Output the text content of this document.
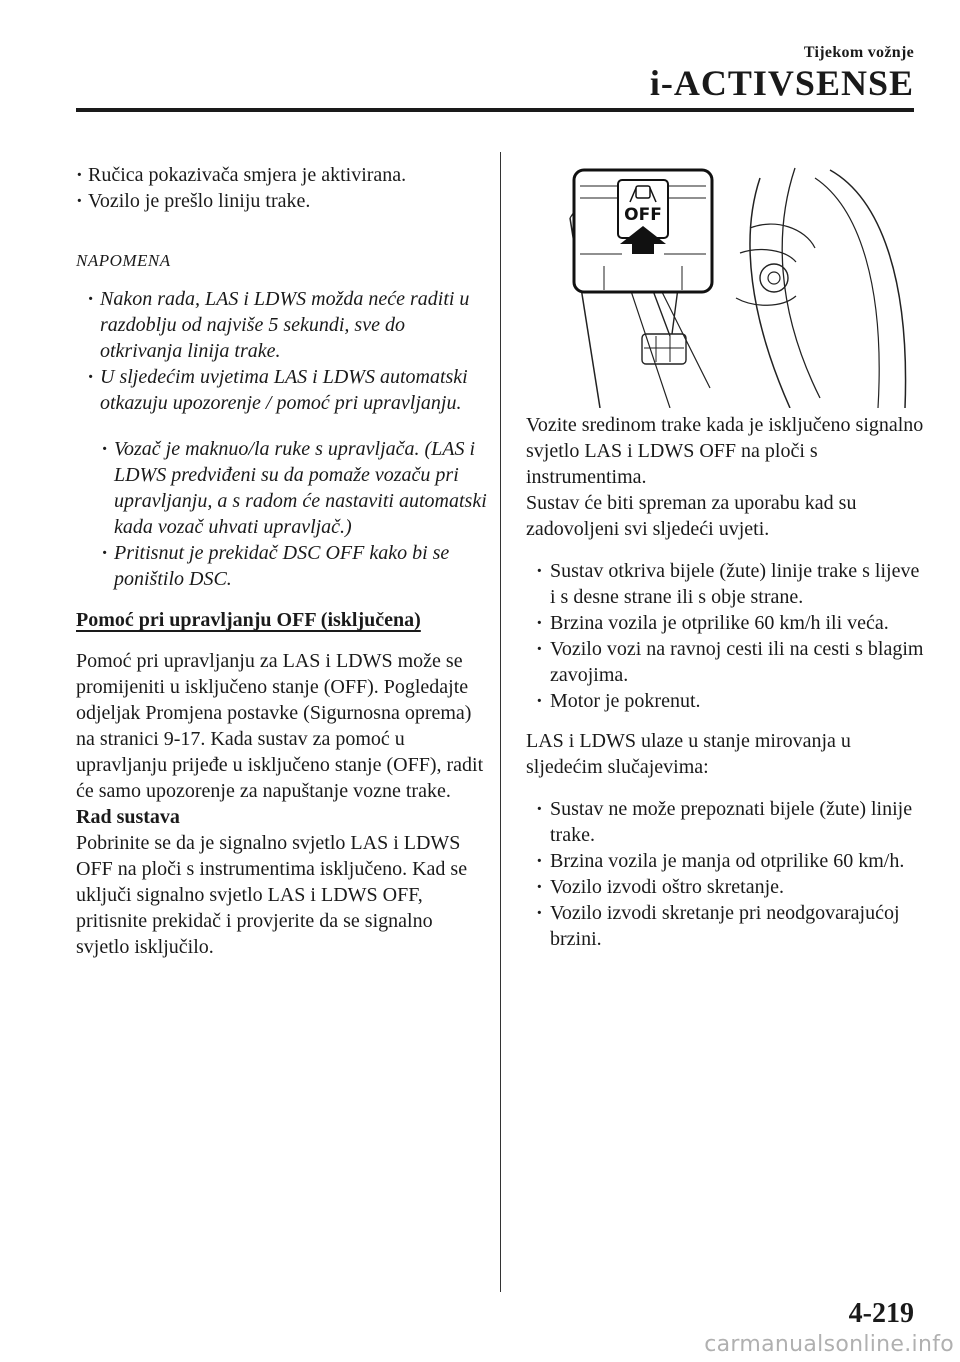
Tijekom vožnje
i-ACTIVSENSE
· Ručica pokazivača smjera je aktivirana.
· Vozilo je prešlo liniju trake.
NAPOMENA
· Nakon rada, LAS i LDWS možda neće raditi u razdoblju od najviše 5 sekundi, sve do otkrivanja linija trake.
· U sljedećim uvjetima LAS i LDWS automatski otkazuju upozorenje / pomoć pri upravljanju.
· Vozač je maknuo/la ruke s upravljača. (LAS i LDWS predviđeni su da pomaže vozaču pri upravljanju, a s radom će nastaviti automatski kada vozač uhvati upravljač.)
· Pritisnut je prekidač DSC OFF kako bi se poništilo DSC.
Pomoć pri upravljanju OFF (isključena)

Pomoć pri upravljanju za LAS i LDWS može se promijeniti u isključeno stanje (OFF). Pogledajte odjeljak Promjena postavke (Sigurnosna oprema) na stranici 9-17. Kada sustav za pomoć u upravljanju prijeđe u isključeno stanje (OFF), radit će samo upozorenje za napuštanje vozne trake.

Rad sustava

Pobrinite se da je signalno svjetlo LAS i LDWS OFF na ploči s instrumentima isključeno. Kad se uključi signalno svjetlo LAS i LDWS OFF, pritisnite prekidač i provjerite da se signalno svjetlo isključilo.

OFF

Vozite sredinom trake kada je isključeno signalno svjetlo LAS i LDWS OFF na ploči s instrumentima.

Sustav će biti spreman za uporabu kad su zadovoljeni svi sljedeći uvjeti.

· Sustav otkriva bijele (žute) linije trake s lijeve i s desne strane ili s obje strane.
· Brzina vozila je otprilike 60 km/h ili veća.
· Vozilo vozi na ravnoj cesti ili na cesti s blagim zavojima.
· Motor je pokrenut.

LAS i LDWS ulaze u stanje mirovanja u sljedećim slučajevima:

· Sustav ne može prepoznati bijele (žute) linije trake.
· Brzina vozila je manja od otprilike 60 km/h.
· Vozilo izvodi oštro skretanje.
· Vozilo izvodi skretanje pri neodgovarajućoj brzini.
4-219
carmanualsonline.info
